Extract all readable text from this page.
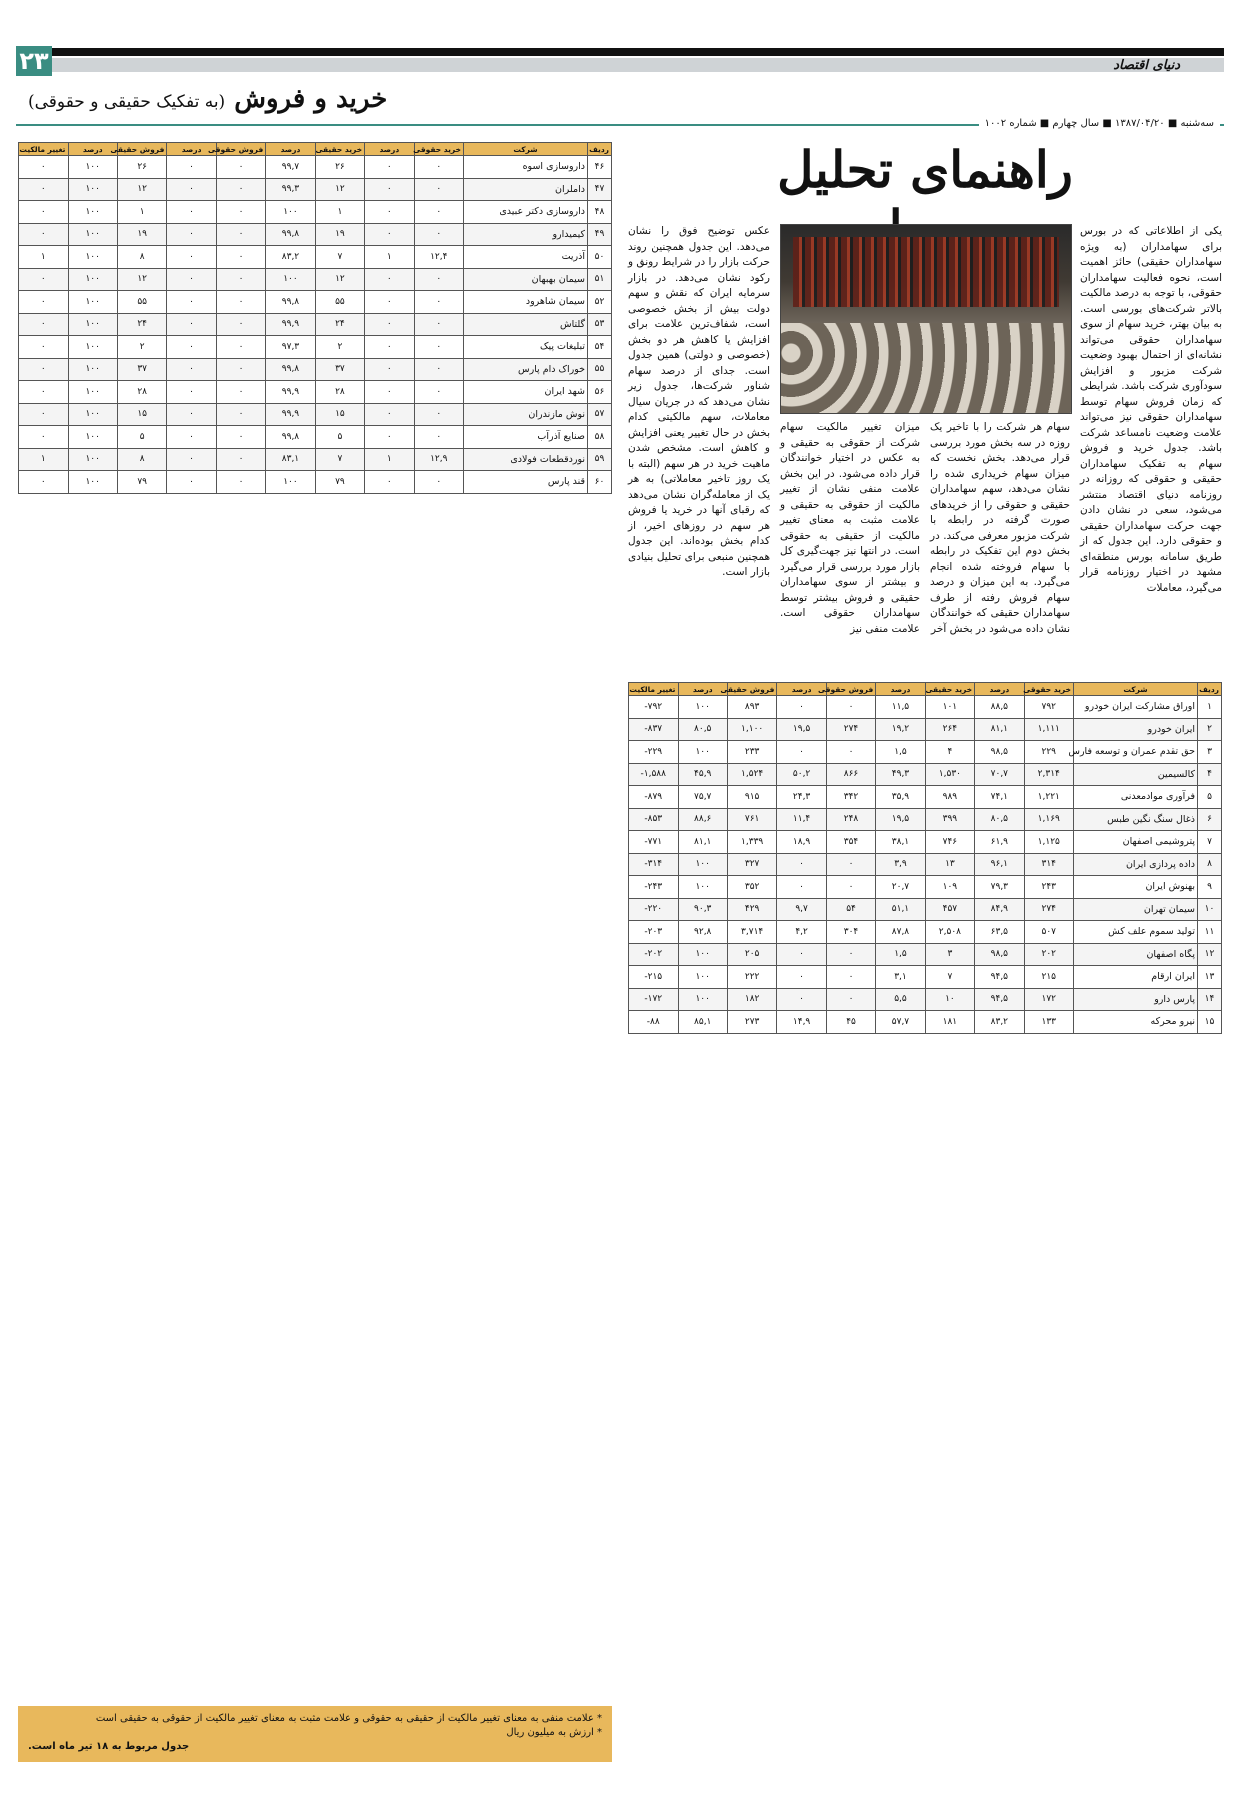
۲۳	دنیای اقتصاد
خرید و فروش (به تفکیک حقیقی و حقوقی)
سه‌شنبه ■ ۱۳۸۷/۰۴/۲۰ ■ سال چهارم ■ شماره ۱۰۰۲
راهنمای تحلیل
یکی از اطلاعاتی که در بورس برای سهامداران (به ویژه سهامداران حقیقی) حائز اهمیت است، نحوه فعالیت سهامداران حقوقی، با توجه به درصد مالکیت بالاتر شرکت‌های بورسی است. به بیان بهتر، خرید سهام از سوی سهامداران حقوقی می‌تواند نشانه‌ای از احتمال بهبود وضعیت شرکت مزبور و افزایش سودآوری شرکت باشد. شرایطی که زمان فروش سهام توسط سهامداران حقوقی نیز می‌تواند علامت وضعیت نامساعد شرکت باشد. جدول خرید و فروش سهام به تفکیک سهامداران حقیقی و حقوقی که روزانه در روزنامه دنیای اقتصاد منتشر می‌شود، سعی در نشان دادن جهت حرکت سهامداران حقیقی و حقوقی دارد. این جدول که از طریق سامانه بورس منطقه‌ای مشهد در اختیار روزنامه قرار می‌گیرد، معاملات
سهام هر شرکت را با تاخیر یک روزه در سه بخش مورد بررسی قرار می‌دهد. بخش نخست که میزان سهام خریداری شده را نشان می‌دهد، سهم سهامداران حقیقی و حقوقی را از خریدهای صورت گرفته در رابطه با شرکت مزبور معرفی می‌کند. در بخش دوم این تفکیک در رابطه با سهام فروخته شده انجام می‌گیرد. به این میزان و درصد سهام فروش رفته از طرف سهامداران حقیقی که خوانندگان نشان داده می‌شود در بخش آخر
میزان تغییر مالکیت سهام شرکت از حقوقی به حقیقی و به عکس در اختیار خوانندگان قرار داده می‌شود. در این بخش علامت منفی نشان از تغییر مالکیت از حقوقی به حقیقی و علامت مثبت به معنای تغییر مالکیت از حقیقی به حقوقی است. در انتها نیز جهت‌گیری کل بازار مورد بررسی قرار می‌گیرد و بیشتر از سوی سهامداران حقیقی و فروش بیشتر توسط سهامداران حقوقی است. علامت منفی نیز
عکس توضیح فوق را نشان می‌دهد. این جدول همچنین روند حرکت بازار را در شرایط رونق و رکود نشان می‌دهد. در بازار سرمایه ایران که نقش و سهم دولت بیش از بخش خصوصی است، شفاف‌ترین علامت برای افزایش یا کاهش هر دو بخش (خصوصی و دولتی) همین جدول است. جدای از درصد سهام شناور شرکت‌ها، جدول زیر نشان می‌دهد که در جریان سیال معاملات، سهم مالکیتی کدام بخش در حال تغییر یعنی افزایش و کاهش است. مشخص شدن ماهیت خرید در هر سهم (البته با یک روز تاخیر معاملاتی) به هر یک از معامله‌گران نشان می‌دهد که رقبای آنها در خرید یا فروش هر سهم در روزهای اخیر، از کدام بخش بوده‌اند. این جدول همچنین منبعی برای تحلیل بنیادی بازار است.
ردیف	شرکت	خرید حقوقی	درصد	خرید حقیقی	درصد	فروش حقوقی	درصد	فروش حقیقی	درصد	تغییر مالکیت
۱	اوراق مشارکت ایران خودرو	۷۹۲	۸۸,۵	۱۰۱	۱۱,۵	۰	۰	۸۹۳	۱۰۰	۷۹۲-
۲	ایران خودرو	۱,۱۱۱	۸۱,۱	۲۶۴	۱۹,۲	۲۷۴	۱۹,۵	۱,۱۰۰	۸۰,۵	۸۳۷-
۳	حق تقدم عمران و توسعه فارس	۲۲۹	۹۸,۵	۴	۱,۵	۰	۰	۲۳۳	۱۰۰	۲۲۹-
۴	کالسیمین	۲,۳۱۴	۷۰,۷	۱,۵۳۰	۴۹,۳	۸۶۶	۵۰,۲	۱,۵۲۴	۴۵,۹	۱,۵۸۸-
۵	فرآوری موادمعدنی	۱,۲۲۱	۷۴,۱	۹۸۹	۳۵,۹	۳۴۲	۲۴,۳	۹۱۵	۷۵,۷	۸۷۹-
۶	ذغال سنگ نگین طبس	۱,۱۶۹	۸۰,۵	۳۹۹	۱۹,۵	۲۴۸	۱۱,۴	۷۶۱	۸۸,۶	۸۵۳-
۷	پتروشیمی اصفهان	۱,۱۲۵	۶۱,۹	۷۴۶	۳۸,۱	۳۵۴	۱۸,۹	۱,۳۳۹	۸۱,۱	۷۷۱-
۸	داده پردازی ایران	۳۱۴	۹۶,۱	۱۳	۳,۹	۰	۰	۳۲۷	۱۰۰	۳۱۴-
۹	بهنوش ایران	۲۴۳	۷۹,۳	۱۰۹	۲۰,۷	۰	۰	۳۵۲	۱۰۰	۲۴۳-
۱۰	سیمان تهران	۲۷۴	۸۴,۹	۴۵۷	۵۱,۱	۵۴	۹,۷	۴۲۹	۹۰,۳	۲۲۰-
۱۱	تولید سموم علف کش	۵۰۷	۶۳,۵	۲,۵۰۸	۸۷,۸	۳۰۴	۴,۲	۳,۷۱۴	۹۲,۸	۲۰۳-
۱۲	پگاه اصفهان	۲۰۲	۹۸,۵	۳	۱,۵	۰	۰	۲۰۵	۱۰۰	۲۰۲-
۱۳	ایران ارقام	۲۱۵	۹۴,۵	۷	۳,۱	۰	۰	۲۲۲	۱۰۰	۲۱۵-
۱۴	پارس دارو	۱۷۲	۹۴,۵	۱۰	۵,۵	۰	۰	۱۸۲	۱۰۰	۱۷۲-
۱۵	نیرو محرکه	۱۳۳	۸۳,۲	۱۸۱	۵۷,۷	۴۵	۱۴,۹	۲۷۳	۸۵,۱	۸۸-
ردیف	شرکت	خرید حقوقی	درصد	خرید حقیقی	درصد	فروش حقوقی	درصد	فروش حقیقی	درصد	تغییر مالکیت
۴۶	داروسازی اسوه	۰	۰	۲۶	۹۹,۷	۰	۰	۲۶	۱۰۰	۰
۴۷	داملران	۰	۰	۱۲	۹۹,۳	۰	۰	۱۲	۱۰۰	۰
۴۸	داروسازی دکتر عبیدی	۰	۰	۱	۱۰۰	۰	۰	۱	۱۰۰	۰
۴۹	کیمیدارو	۰	۰	۱۹	۹۹,۸	۰	۰	۱۹	۱۰۰	۰
۵۰	آذریت	۱۲,۴	۱	۷	۸۳,۲	۰	۰	۸	۱۰۰	۱
۵۱	سیمان بهبهان	۰	۰	۱۲	۱۰۰	۰	۰	۱۲	۱۰۰	۰
۵۲	سیمان شاهرود	۰	۰	۵۵	۹۹,۸	۰	۰	۵۵	۱۰۰	۰
۵۳	گلتاش	۰	۰	۲۴	۹۹,۹	۰	۰	۲۴	۱۰۰	۰
۵۴	تبلیغات پیک	۰	۰	۲	۹۷,۳	۰	۰	۲	۱۰۰	۰
۵۵	خوراک دام پارس	۰	۰	۳۷	۹۹,۸	۰	۰	۳۷	۱۰۰	۰
۵۶	شهد ایران	۰	۰	۲۸	۹۹,۹	۰	۰	۲۸	۱۰۰	۰
۵۷	نوش مازندران	۰	۰	۱۵	۹۹,۹	۰	۰	۱۵	۱۰۰	۰
۵۸	صنایع آذرآب	۰	۰	۵	۹۹,۸	۰	۰	۵	۱۰۰	۰
۵۹	نوردقطعات فولادی	۱۲,۹	۱	۷	۸۳,۱	۰	۰	۸	۱۰۰	۱
۶۰	قند پارس	۰	۰	۷۹	۱۰۰	۰	۰	۷۹	۱۰۰	۰
* علامت منفی به معنای تغییر مالکیت از حقیقی به حقوقی و علامت مثبت به معنای تغییر مالکیت از حقوقی به حقیقی است
* ارزش به میلیون ریال
جدول مربوط به ۱۸ تیر ماه است.
